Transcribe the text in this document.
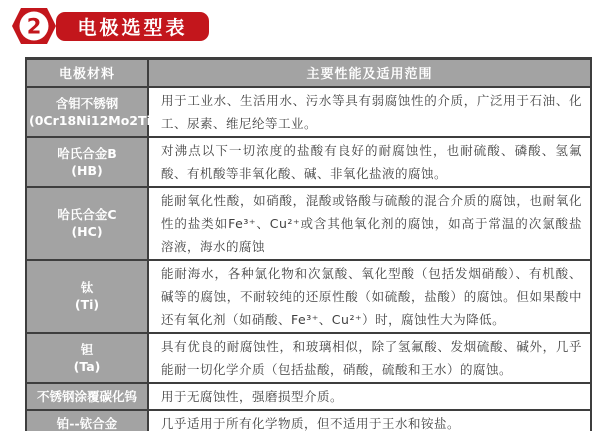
2	电极选型表
电极材料	主要性能及适用范围

含钼不锈钢
(0Cr18Ni12Mo2Ti)	用于工业水、生活用水、污水等具有弱腐蚀性的介质，广泛用于石油、化工、尿素、维尼纶等工业。

哈氏合金B
(HB)	对沸点以下一切浓度的盐酸有良好的耐腐蚀性，也耐硫酸、磷酸、氢氟酸、有机酸等非氧化酸、碱、非氧化盐液的腐蚀。

哈氏合金C
(HC)	能耐氧化性酸，如硝酸，混酸或铬酸与硫酸的混合介质的腐蚀，也耐氧化性的盐类如Fe³⁺、Cu²⁺或含其他氧化剂的腐蚀，如高于常温的次氯酸盐溶液，海水的腐蚀

钛
(Ti)	能耐海水，各种氯化物和次氯酸、氧化型酸（包括发烟硝酸）、有机酸、碱等的腐蚀，不耐较纯的还原性酸（如硫酸，盐酸）的腐蚀。但如果酸中还有氧化剂（如硝酸、Fe³⁺、Cu²⁺）时，腐蚀性大为降低。

钽
(Ta)	具有优良的耐腐蚀性，和玻璃相似，除了氢氟酸、发烟硫酸、碱外，几乎能耐一切化学介质（包括盐酸，硝酸，硫酸和王水）的腐蚀。

不锈钢涂覆碳化钨	用于无腐蚀性，强磨损型介质。

铂--铱合金	几乎适用于所有化学物质，但不适用于王水和铵盐。
